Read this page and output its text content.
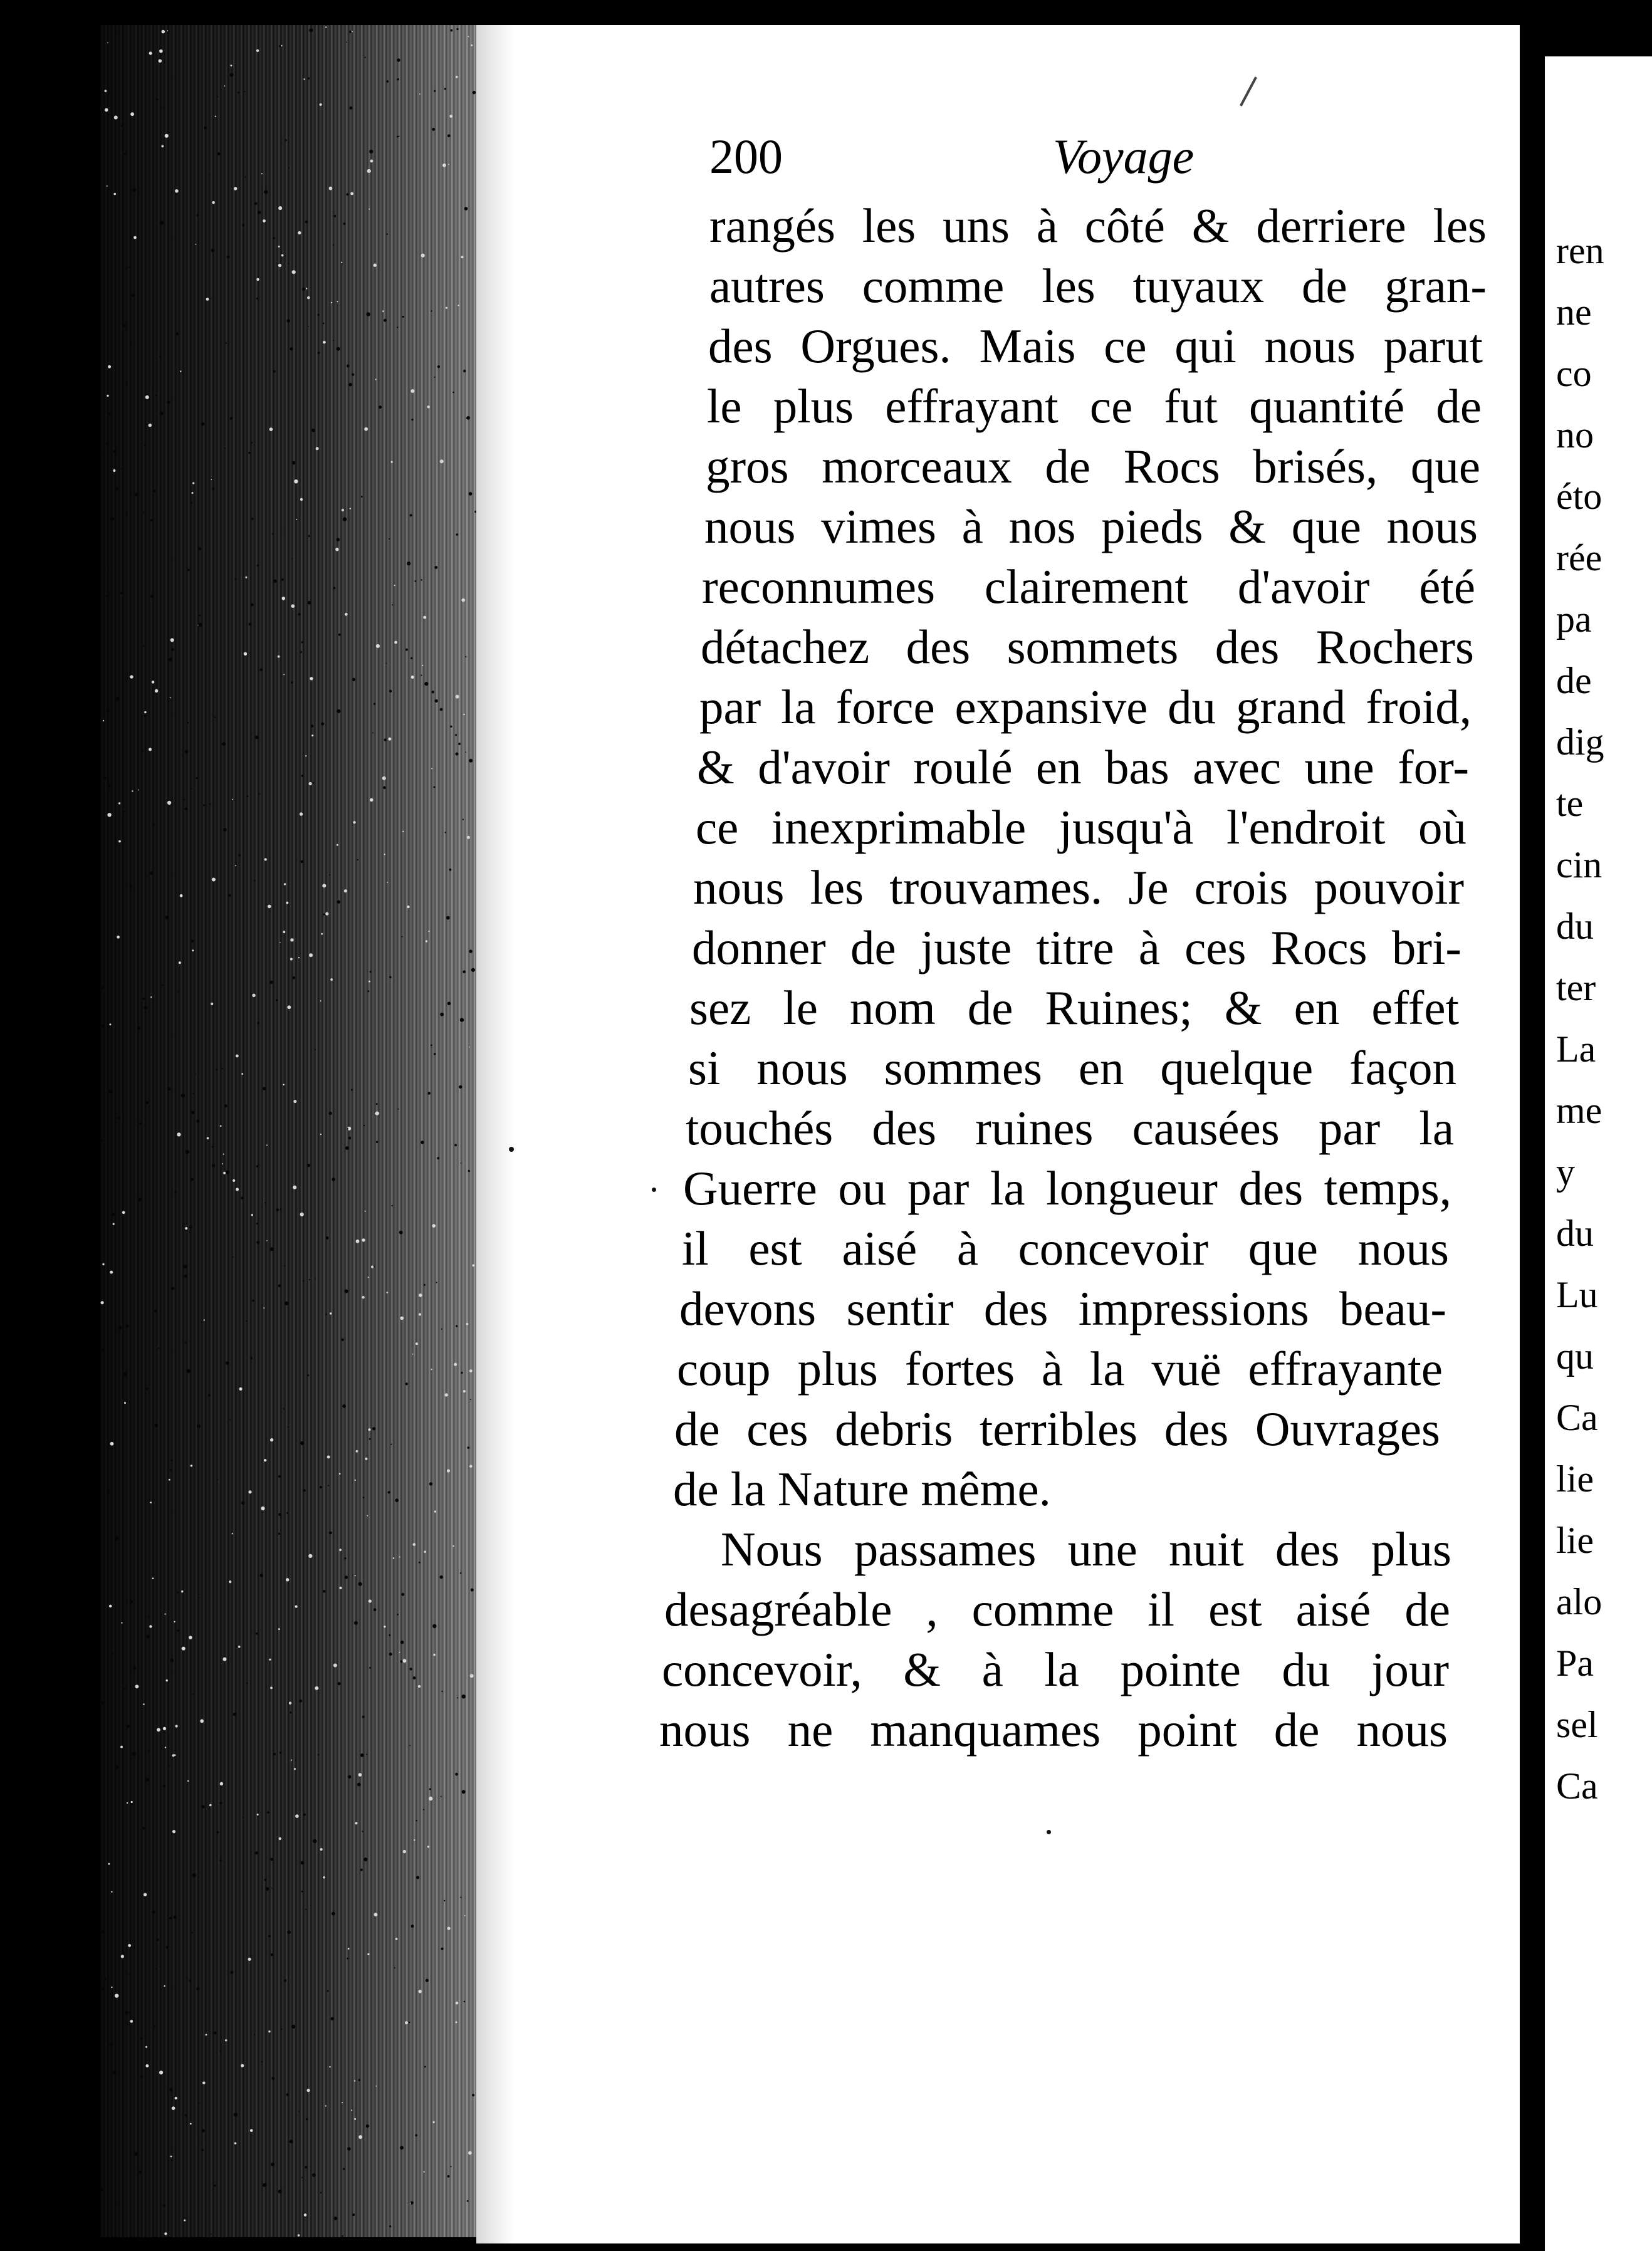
200	Voyage
rangés les uns à côté & derriere les
autres comme les tuyaux de gran-
des Orgues. Mais ce qui nous parut
le plus effrayant ce fut quantité de
gros morceaux de Rocs brisés, que
nous vimes à nos pieds & que nous
reconnumes clairement d'avoir été
détachez des sommets des Rochers
par la force expansive du grand froid,
& d'avoir roulé en bas avec une for-
ce inexprimable jusqu'à l'endroit où
nous les trouvames. Je crois pouvoir
donner de juste titre à ces Rocs bri-
sez le nom de Ruines; & en effet
si nous sommes en quelque façon
touchés des ruines causées par la
Guerre ou par la longueur des temps,
il est aisé à concevoir que nous
devons sentir des impressions beau-
coup plus fortes à la vuë effrayante
de ces debris terribles des Ouvrages
de la Nature même.
Nous passames une nuit des plus
desagréable , comme il est aisé de
concevoir, & à la pointe du jour
nous ne manquames point de nous
ren
ne
co
no
éto
rée
pa
de
dig
te
cin
du
ter
La
me
y
du
Lu
qu
Ca
lie
lie
alo
Pa
sel
Ca
